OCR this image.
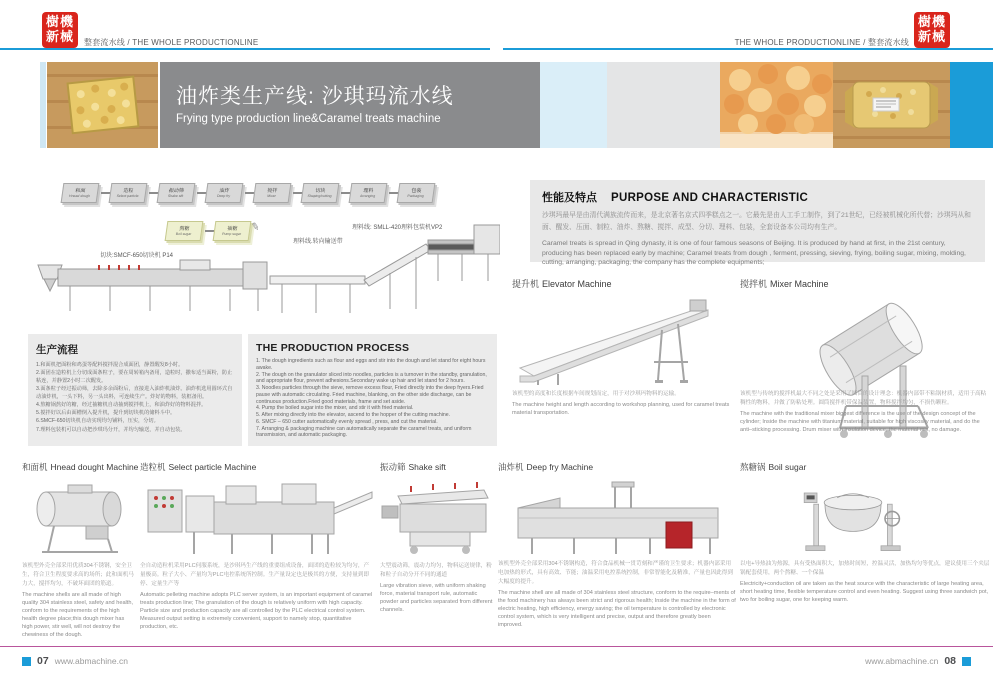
樹機
新械 整套流水线 / THE WHOLE PRODUCTIONLINE	THE WHOLE PRODUCTIONLINE / 整套流水线
樹機
新械
油炸类生产线: 沙琪玛流水线
Frying type production line&Caramel treats machine
和面
Hnead dough
造粒
Select particle
振动筛
Shake sift
油炸
Deep fry
搅拌
Mixer
切块
Shaping/cutting
理料
Arranging
包装
Packaging
熬糖
Boil sugar
抽糖
Pump sugar
✎
切块:SMCF-650切块机 P14
理料线.转向输送带
理料线: SMLL-420理料包装机VP2
生产流程
1.和面机把面粉和鸡蛋等配料搅拌混合成面团，静置醒发8小时。
2.面团在造粒机上分切成面条粒子，要在周转箱内备用，造粒时，撒布适当面粉，防止粘连，并静置2小时二次醒发。
3.面条粒子经过振动筛，去除多余面粉后，直接进入油炸机油炸。油炸机选用圆环式自动油炸机，一头下料，另一头出料，可连续生产。炸好的物料，装框备用。
4.熬糖锅熬好的糖，经过抽糖机自动抽到搅拌机上，和油炸好的物料混拌。
5.搅拌好以后由面槽倒入提升机，提升到切块机的储料斗中。
6.SMCF-650切块机自动实现均匀铺料，压实，分切。
7.理料包装机可以自动把沙琪玛分开，并均匀输送，并自动包装。
THE PRODUCTION PROCESS
1. The dough ingredients such as flour and eggs and stir into the dough and let stand for eight hours awake.
2. The dough on the granulator sliced into noodles, particles is a turnover in the standby, granulation, and appropriate flour, prevent adhesions.Secondary wake up hair and let stand for 2 hours.
3. Noodles particles through the sieve, remove excess flour, Fried directly into the deep fryers.Fried pause with automatic circulating. Fried machine, blanking, on the other side discharge, can be continuous production.Fried good materials, frame and set aside.
4. Pump the boiled sugar into the mixer, and stir it with fried material.
5. After mixing directly into the elevator, ascend to the hopper of the cutting machine.
6. SMCF – 650 cutter automatically evenly spread , press, and cut the material.
7. Arranging & packaging machine can automatically separate the caramel treats, and uniform transmission, and automatic packaging.
性能及特点 PURPOSE AND CHARACTERISTIC
沙琪玛最早是由清代满族流传而来，是北京著名京式四季糕点之一。它最先是由人工手工制作，到了21世纪，已经被机械化所代替；沙琪玛从和面、醒发、压面、制粒、油炸、熬糖、搅拌、成型、分切、理料、包装，全套设备本公司均有生产。
Caramel treats is spread in Qing dynasty, it is one of four famous seasons of Beijing. It is produced by hand at first, in the 21st century, producing has been replaced early by machine; Caramel treats from dough , ferment, pressing, sieving, frying, boiling sugar, mixing, molding, cutting, arranging, packaging, the company has the complete equipments;
提升机 Elevator Machine
该机型的高度和长度根据车间规划而定，用于对沙琪玛物料的运输。
The machine height and length according to workshop planning, used for caramel treats material transportation.
搅拌机 Mixer Machine
该机型与传统的搅拌机最大不同之处是采用了圆筒的设计理念：机器内部带不粘锅材质，适用于高粘稠性的物料，并做了防粘处理。圆筒搅拌机带保温装置，物料搅拌均匀，不损伤颗粒。
The machine with the traditional mixer biggest difference is the use of the design concept of the cylinder; Inside the machine with titanium material, suitable for high viscosity material, and do the anti–sticking processing. Drum mixer with insulation device, the material mix, no damage.
和面机 Hnead dought Machine
该机型外壳全部采用优质304不锈钢，安全卫生，符合卫生程度要求高的场所；此和面机马力大，搅拌均匀，不破坏面团的筋道。
The machine shells are all made of high quality 304 stainless steel, safety and health, conform to the requirements of the high health degree place;this dough mixer has high power, stir well, will not destroy the chewiness of the dough.
造粒机 Select particle Machine
全自动造粒机采用PLC伺服系统，是沙琪玛生产线的重要组成设备，面团的造粒较为均匀，产量极高。粒子大小、产量均为PLC电控系统所控制。生产量设定也是极其的方便，支持量到即停、定量生产等
Automatic pelleting machine adopts PLC server system, is an important equipment of caramel treats production line; The granulation of the dough is relatively uniform with high capacity. Particle size and production capacity are all controlled by the PLC electrical control system. Measured output setting is extremely convenient, support to namely stop, quantitative production, etc.
振动筛 Shake sift
大型震动筛，震动力均匀，物料运送规律，粉和粒子自动分开不同的通道
Large vibration sieve, with uniform shaking force, material transport rule, automatic powder and particles separated from different channels.
油炸机 Deep fry Machine
该机型外壳全部采用304不锈钢构造，符合食品机械一贯苛刻和严谨的卫生要求；机器内部采用电加热的形式，具有高效、节能；油温采用电控系统控制，非常智能化及精准，产量也因此得到大幅度的提升。
The machine shell are all made of 304 stainless steel structure, conform to the require–ments of the food machinery has always been strict and rigorous health; Inside the machine in the form of electric heating, high efficiency, energy saving; the oil temperature is controlled by electronic control system, which is very intelligent and precise, output and therefore greatly been improved.
熬糖锅 Boil sugar
以电+导热油为热源，具有受热面积大，加热时间短，控温灵活，加热均匀等优点，建议使用三个夹层锅配套使用，两个熬糖、一个保温
Electricity+conduction oil are taken as the heat source with the characteristic of large heating area, short heating time, flexible temperature control and even heating. Suggest using three sandwich pot, two for boiling sugar, one for keeping warm.
07 www.abmachine.cn	www.abmachine.cn 08
